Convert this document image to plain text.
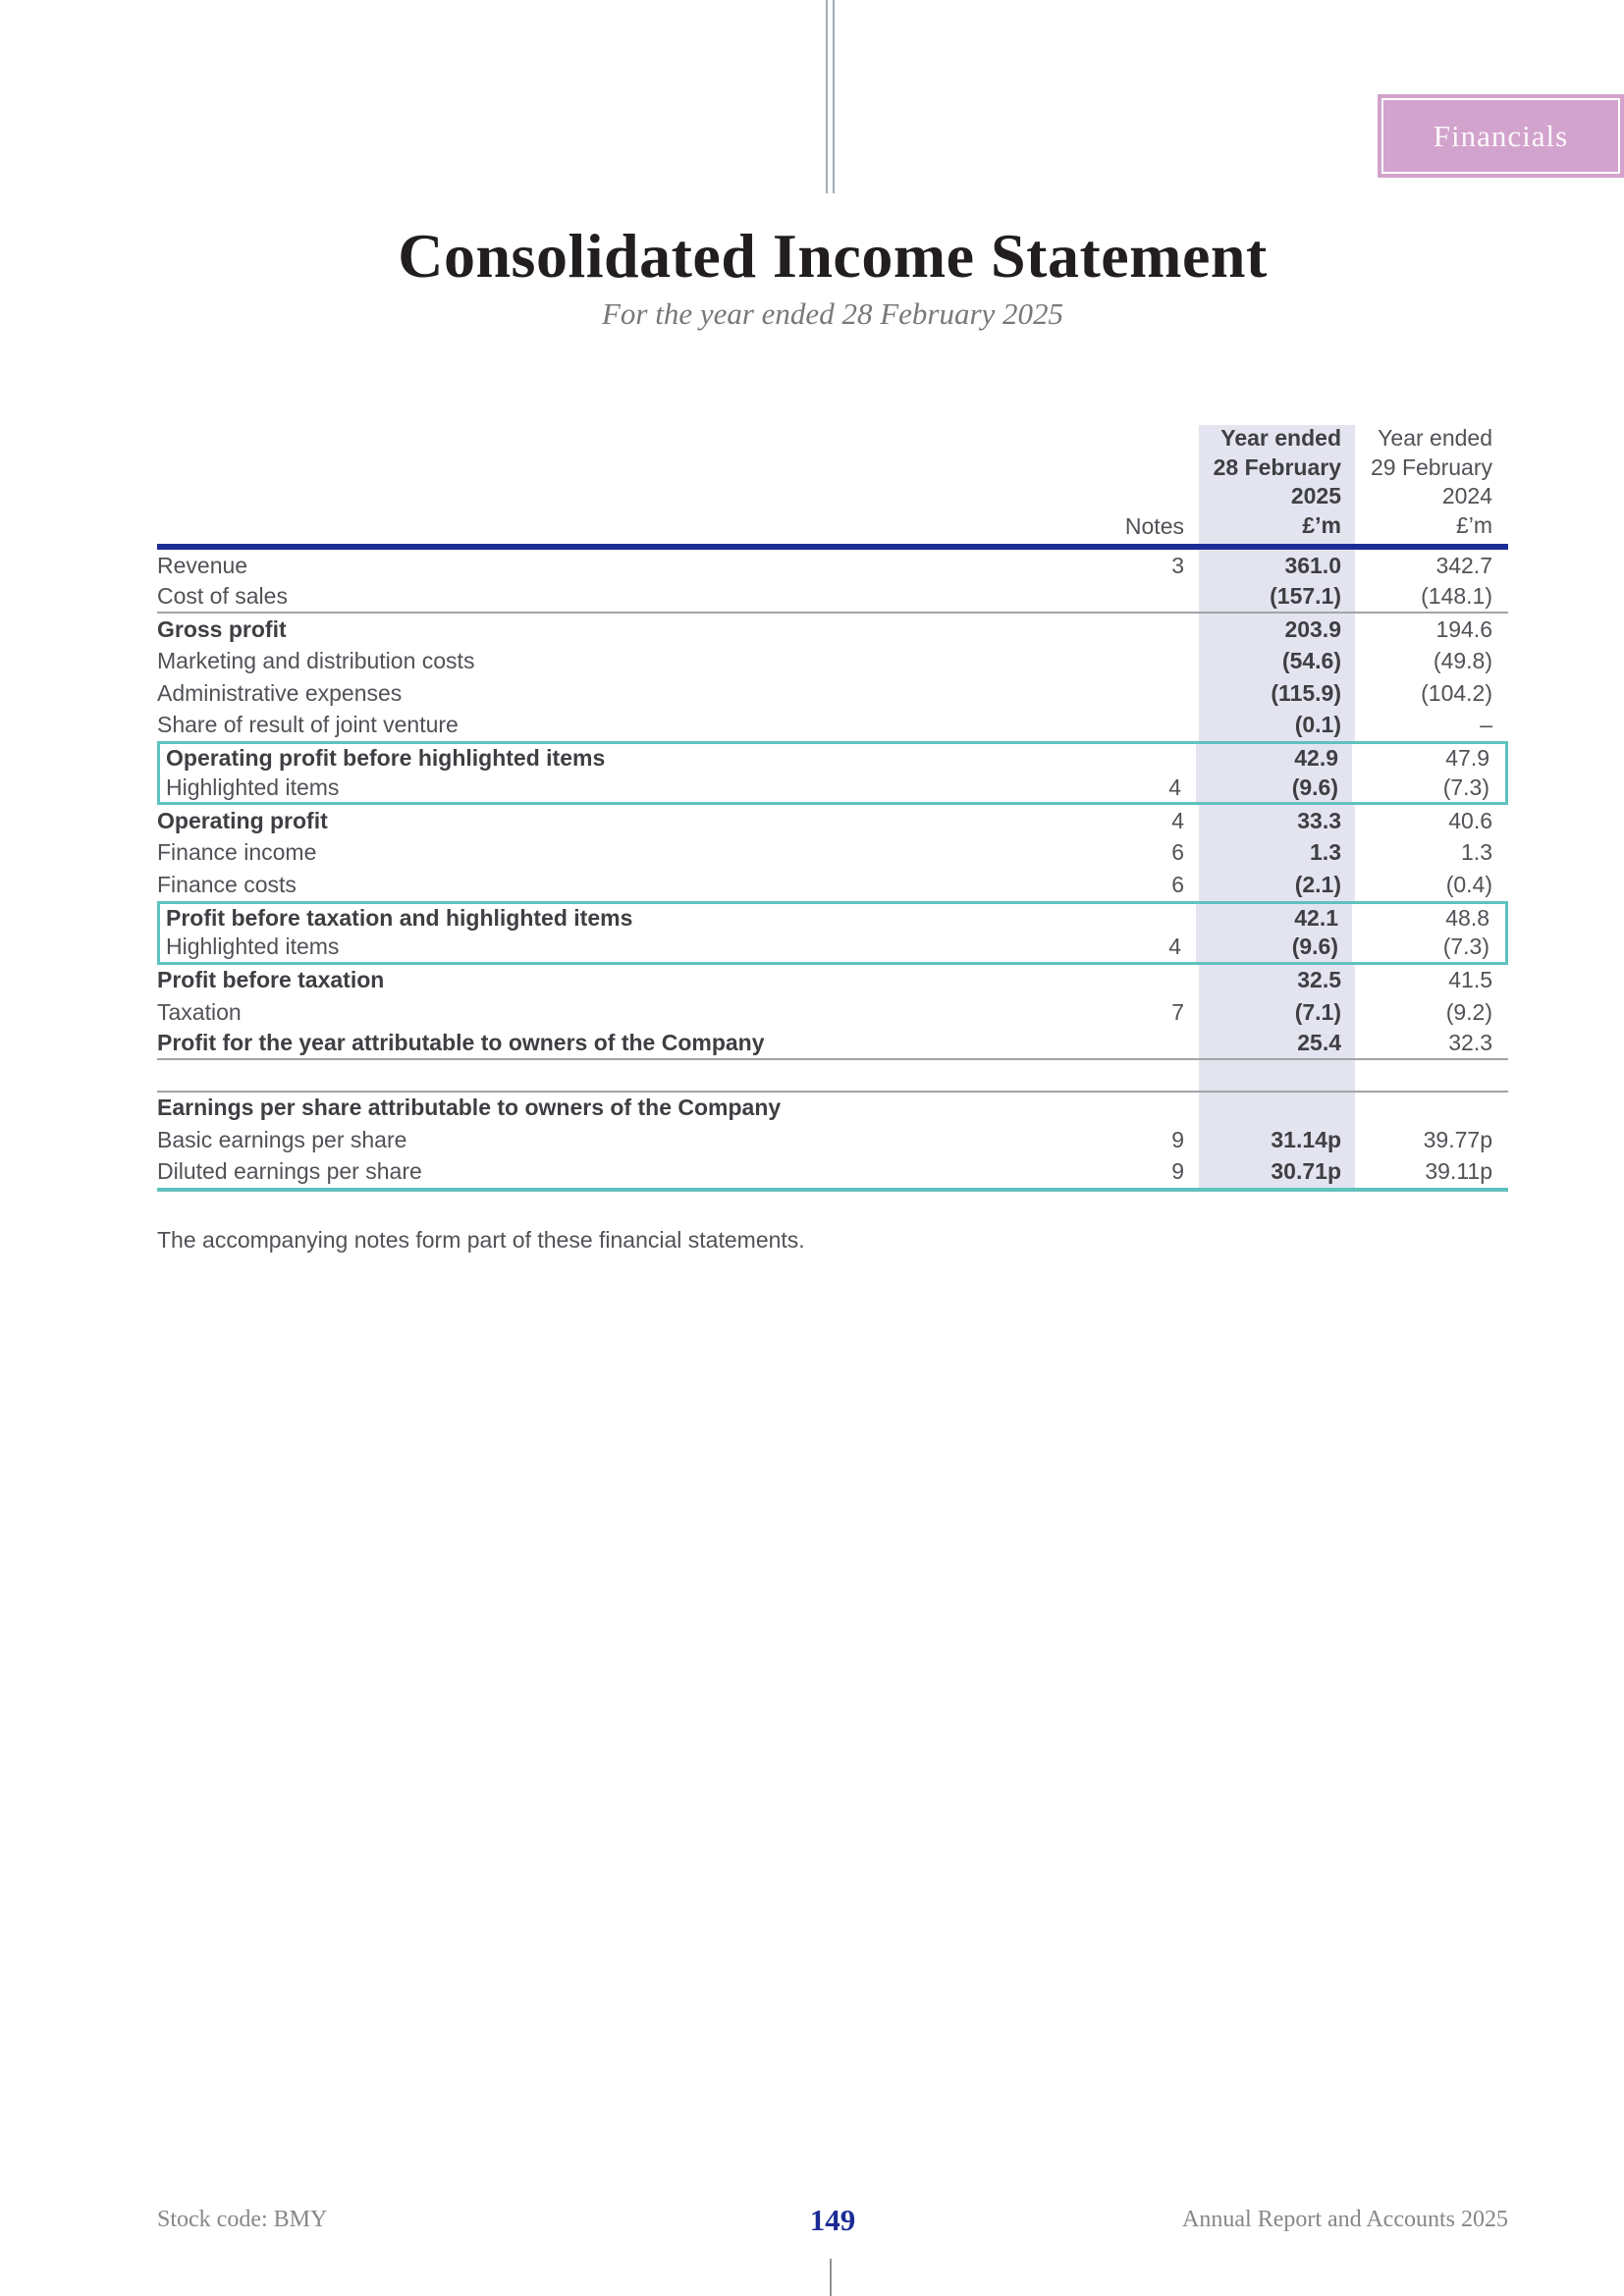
Financials
Consolidated Income Statement
For the year ended 28 February 2025
Notes
Year ended
28 February
2025
£’m
Year ended
29 February
2024
£’m
Revenue	3	361.0	342.7
Cost of sales	(157.1)	(148.1)
Gross profit	203.9	194.6
Marketing and distribution costs	(54.6)	(49.8)
Administrative expenses	(115.9)	(104.2)
Share of result of joint venture	(0.1)	–
Operating profit before highlighted items	42.9	47.9
Highlighted items	4	(9.6)	(7.3)
Operating profit	4	33.3	40.6
Finance income	6	1.3	1.3
Finance costs	6	(2.1)	(0.4)
Profit before taxation and highlighted items	42.1	48.8
Highlighted items	4	(9.6)	(7.3)
Profit before taxation	32.5	41.5
Taxation	7	(7.1)	(9.2)
Profit for the year attributable to owners of the Company	25.4	32.3
Earnings per share attributable to owners of the Company
Basic earnings per share	9	31.14p	39.77p
Diluted earnings per share	9	30.71p	39.11p

The accompanying notes form part of these financial statements.

Stock code: BMY	149	Annual Report and Accounts 2025
